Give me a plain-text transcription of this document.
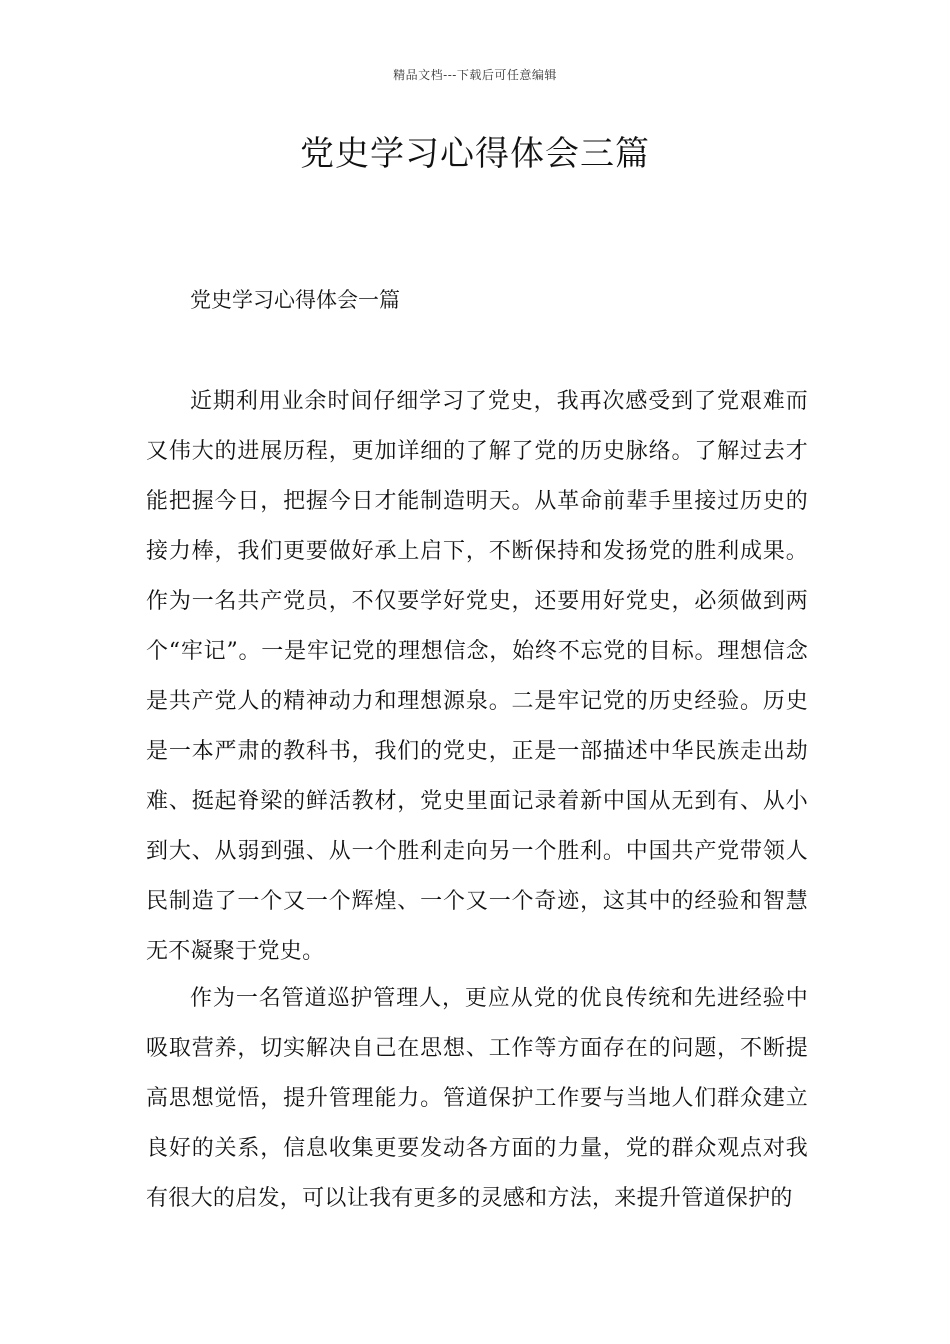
精品文档---下载后可任意编辑
党史学习心得体会三篇
党史学习心得体会一篇

近期利用业余时间仔细学习了党史，我再次感受到了党艰难而又伟大的进展历程，更加详细的了解了党的历史脉络。了解过去才能把握今日，把握今日才能制造明天。从革命前辈手里接过历史的接力棒，我们更要做好承上启下，不断保持和发扬党的胜利成果。作为一名共产党员，不仅要学好党史，还要用好党史，必须做到两个“牢记”。一是牢记党的理想信念，始终不忘党的目标。理想信念是共产党人的精神动力和理想源泉。二是牢记党的历史经验。历史是一本严肃的教科书，我们的党史，正是一部描述中华民族走出劫难、挺起脊梁的鲜活教材，党史里面记录着新中国从无到有、从小到大、从弱到强、从一个胜利走向另一个胜利。中国共产党带领人民制造了一个又一个辉煌、一个又一个奇迹，这其中的经验和智慧无不凝聚于党史。

作为一名管道巡护管理人，更应从党的优良传统和先进经验中吸取营养，切实解决自己在思想、工作等方面存在的问题，不断提高思想觉悟，提升管理能力。管道保护工作要与当地人们群众建立良好的关系，信息收集更要发动各方面的力量，党的群众观点对我有很大的启发，可以让我有更多的灵感和方法，来提升管道保护的
